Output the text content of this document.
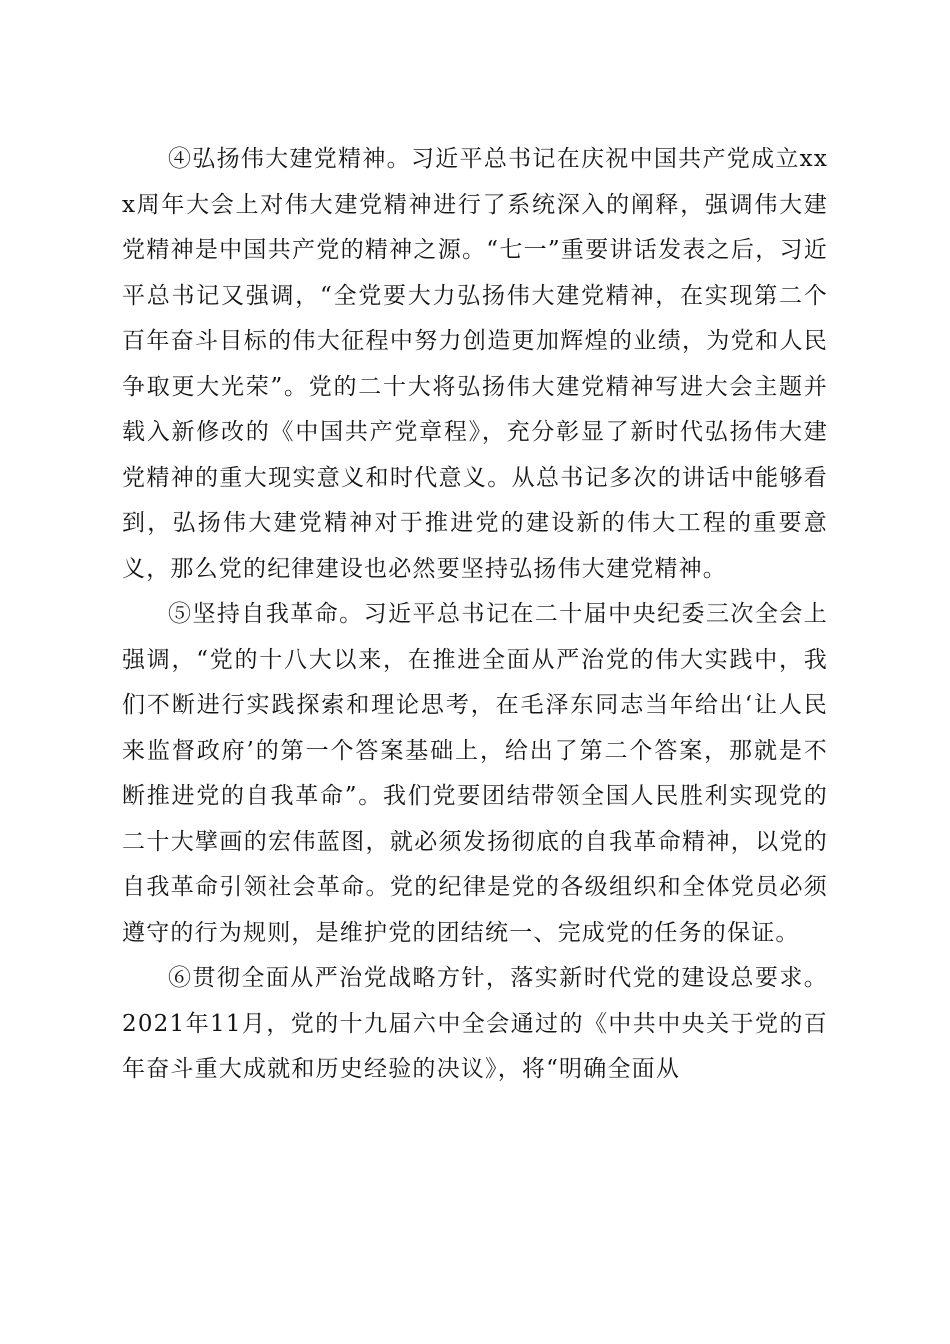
④弘扬伟大建党精神。习近平总书记在庆祝中国共产党成立xxx周年大会上对伟大建党精神进行了系统深入的阐释，强调伟大建党精神是中国共产党的精神之源。“七一”重要讲话发表之后，习近平总书记又强调，“全党要大力弘扬伟大建党精神，在实现第二个百年奋斗目标的伟大征程中努力创造更加辉煌的业绩，为党和人民争取更大光荣”。党的二十大将弘扬伟大建党精神写进大会主题并载入新修改的《中国共产党章程》，充分彰显了新时代弘扬伟大建党精神的重大现实意义和时代意义。从总书记多次的讲话中能够看到，弘扬伟大建党精神对于推进党的建设新的伟大工程的重要意义，那么党的纪律建设也必然要坚持弘扬伟大建党精神。

⑤坚持自我革命。习近平总书记在二十届中央纪委三次全会上强调，“党的十八大以来，在推进全面从严治党的伟大实践中，我们不断进行实践探索和理论思考，在毛泽东同志当年给出‘让人民来监督政府’的第一个答案基础上，给出了第二个答案，那就是不断推进党的自我革命”。我们党要团结带领全国人民胜利实现党的二十大擘画的宏伟蓝图，就必须发扬彻底的自我革命精神，以党的自我革命引领社会革命。党的纪律是党的各级组织和全体党员必须遵守的行为规则，是维护党的团结统一、完成党的任务的保证。

⑥贯彻全面从严治党战略方针，落实新时代党的建设总要求。2021年11月，党的十九届六中全会通过的《中共中央关于党的百年奋斗重大成就和历史经验的决议》，将“明确全面从
